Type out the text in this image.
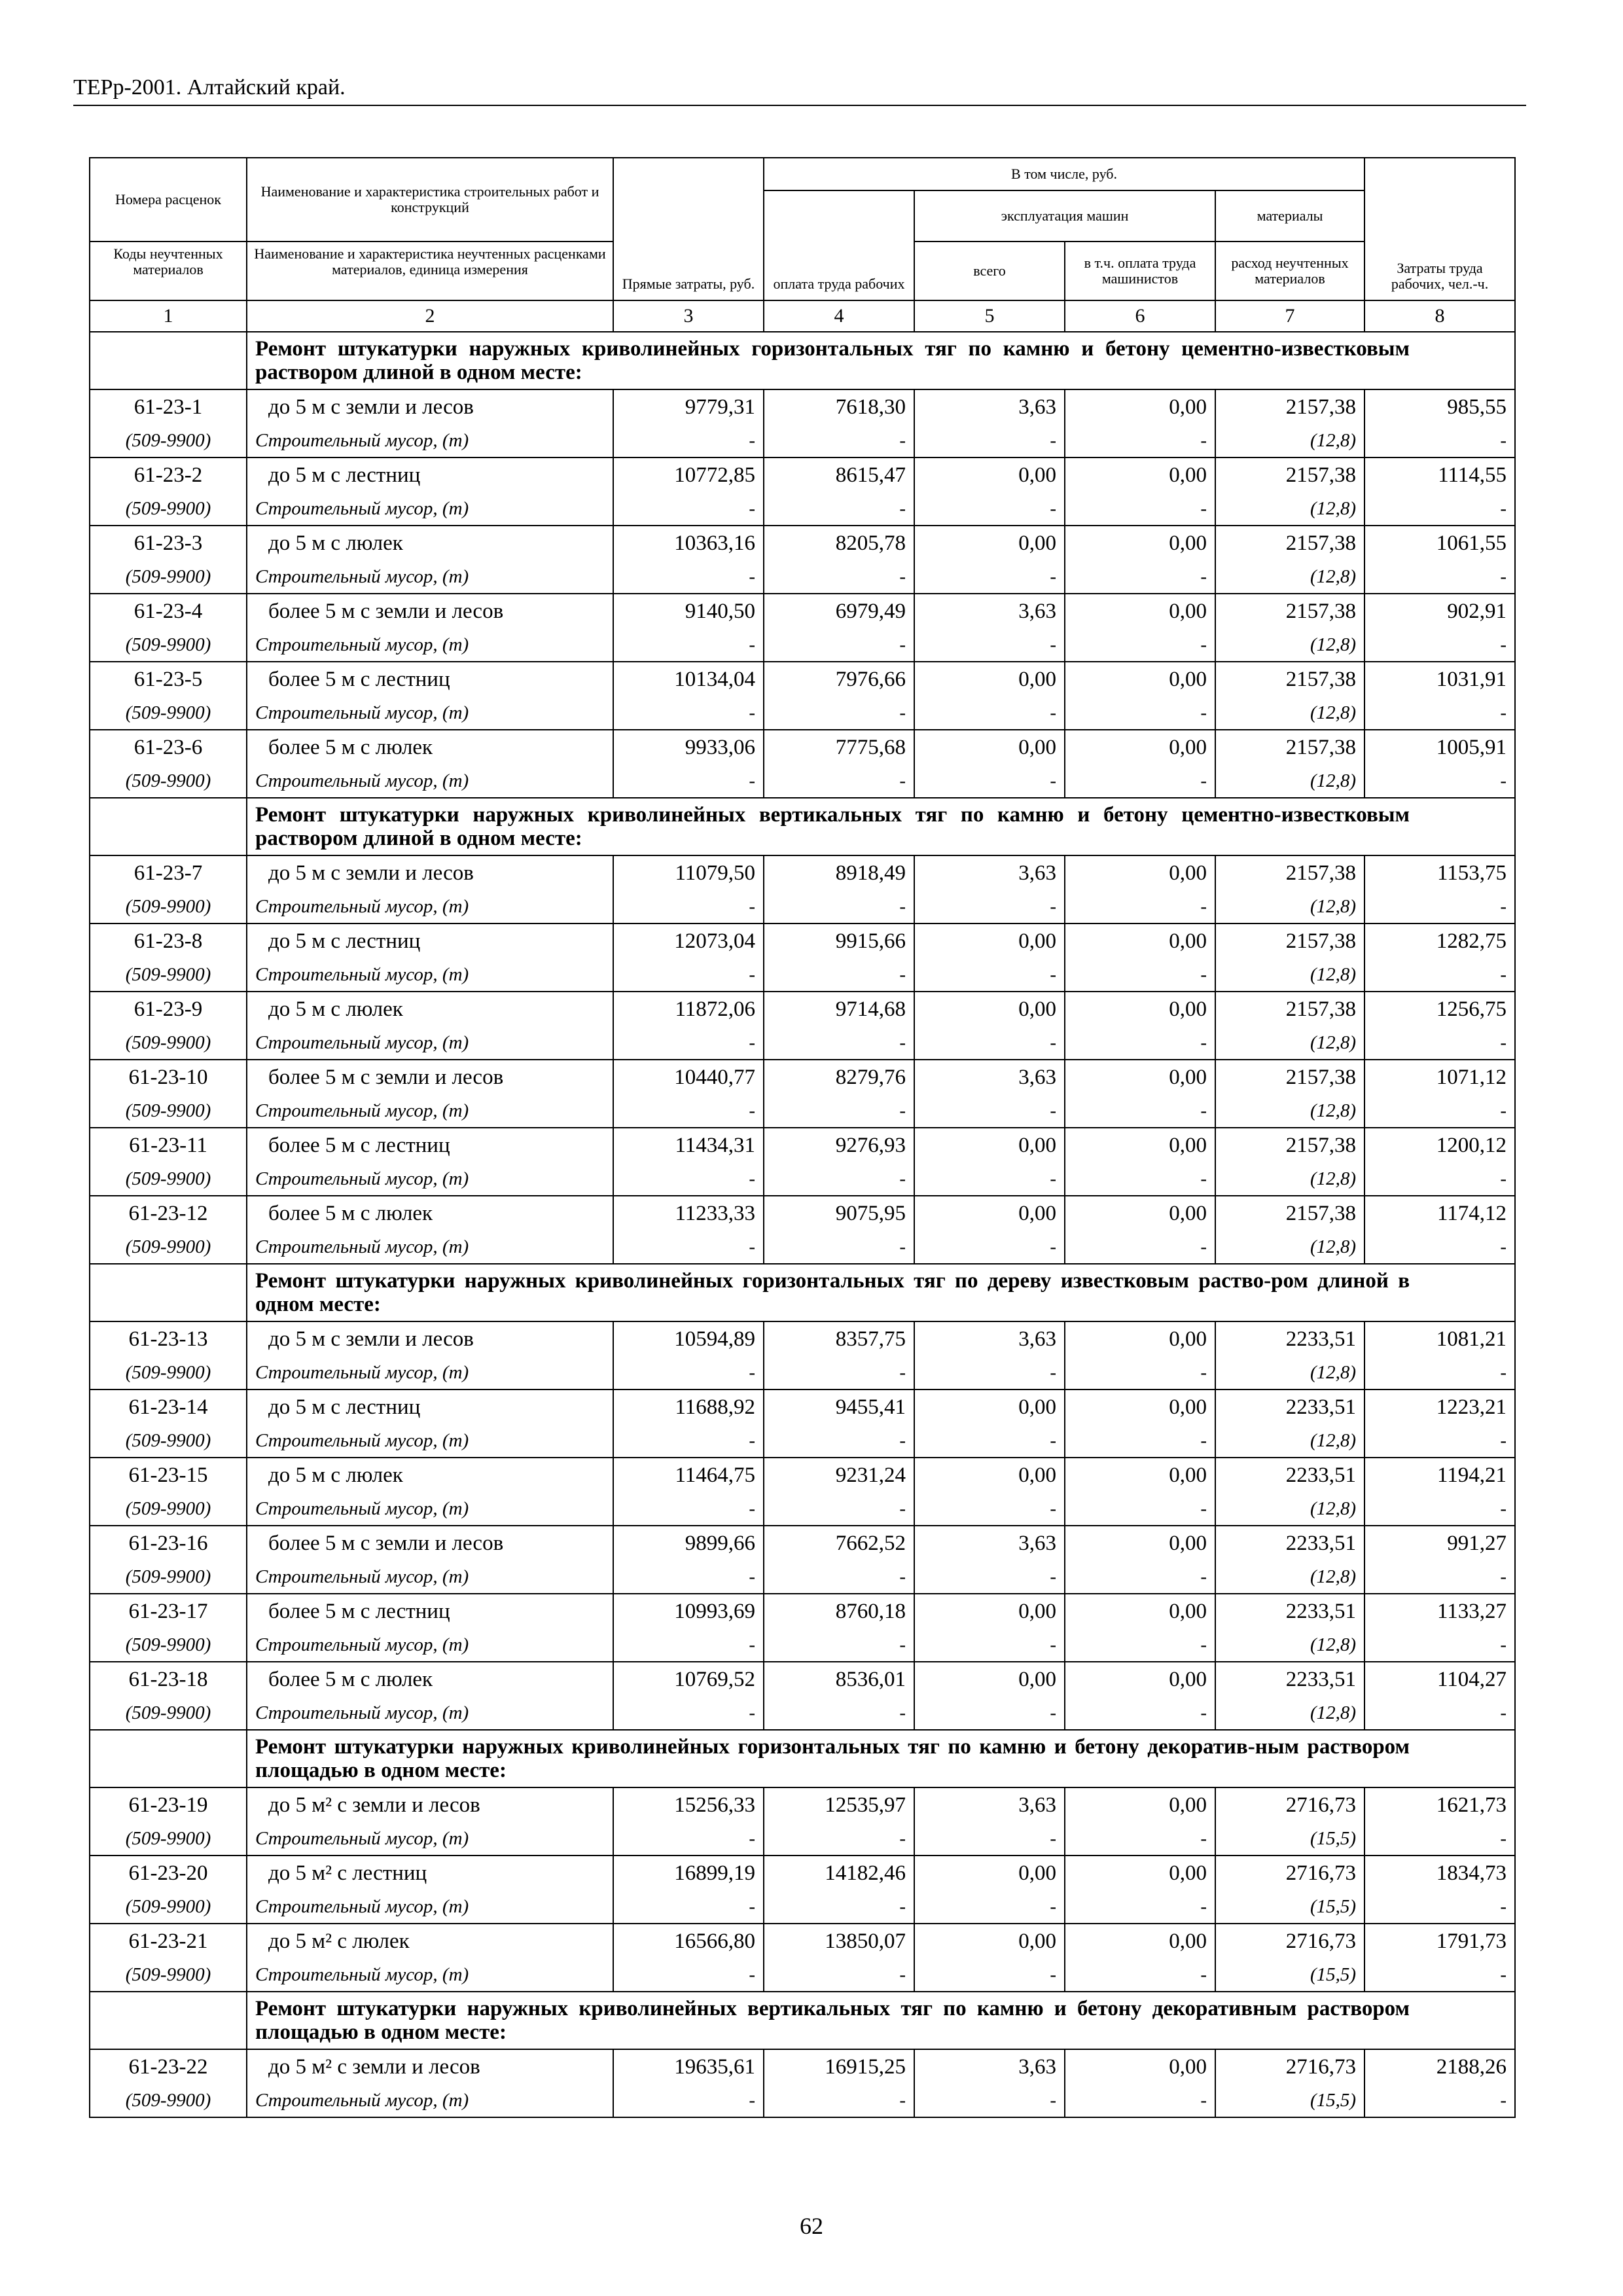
ТЕРр-2001. Алтайский край.
Номера расценок	Наименование и характеристика строительных работ и конструкций	Прямые затраты, руб.	В том числе, руб.				Затраты труда рабочих, чел.-ч.
			оплата труда рабочих	эксплуатация машин		материалы	
Коды неучтенных материалов	Наименование и характеристика неучтенных расценками материалов, единица измерения			всего	в т.ч. оплата труда машинистов	расход неучтенных материалов	

1	2	3	4	5	6	7	8
	Ремонт штукатурки наружных криволинейных горизонтальных тяг по камню и бетону цементно-известковым раствором длиной в одном месте:						
61-23-1	до 5 м с земли и лесов	9779,31	7618,30	3,63	0,00	2157,38	985,55
(509-9900)	Строительный мусор, (т)	-	-	-	-	(12,8)	-
61-23-2	до 5 м с лестниц	10772,85	8615,47	0,00	0,00	2157,38	1114,55
(509-9900)	Строительный мусор, (т)	-	-	-	-	(12,8)	-
61-23-3	до 5 м с люлек	10363,16	8205,78	0,00	0,00	2157,38	1061,55
(509-9900)	Строительный мусор, (т)	-	-	-	-	(12,8)	-
61-23-4	более 5 м с земли и лесов	9140,50	6979,49	3,63	0,00	2157,38	902,91
(509-9900)	Строительный мусор, (т)	-	-	-	-	(12,8)	-
61-23-5	более 5 м с лестниц	10134,04	7976,66	0,00	0,00	2157,38	1031,91
(509-9900)	Строительный мусор, (т)	-	-	-	-	(12,8)	-
61-23-6	более 5 м с люлек	9933,06	7775,68	0,00	0,00	2157,38	1005,91
(509-9900)	Строительный мусор, (т)	-	-	-	-	(12,8)	-
	Ремонт штукатурки наружных криволинейных вертикальных тяг по камню и бетону цементно-известковым раствором длиной в одном месте:						
61-23-7	до 5 м с земли и лесов	11079,50	8918,49	3,63	0,00	2157,38	1153,75
(509-9900)	Строительный мусор, (т)	-	-	-	-	(12,8)	-
61-23-8	до 5 м с лестниц	12073,04	9915,66	0,00	0,00	2157,38	1282,75
(509-9900)	Строительный мусор, (т)	-	-	-	-	(12,8)	-
61-23-9	до 5 м с люлек	11872,06	9714,68	0,00	0,00	2157,38	1256,75
(509-9900)	Строительный мусор, (т)	-	-	-	-	(12,8)	-
61-23-10	более 5 м с земли и лесов	10440,77	8279,76	3,63	0,00	2157,38	1071,12
(509-9900)	Строительный мусор, (т)	-	-	-	-	(12,8)	-
61-23-11	более 5 м с лестниц	11434,31	9276,93	0,00	0,00	2157,38	1200,12
(509-9900)	Строительный мусор, (т)	-	-	-	-	(12,8)	-
61-23-12	более 5 м с люлек	11233,33	9075,95	0,00	0,00	2157,38	1174,12
(509-9900)	Строительный мусор, (т)	-	-	-	-	(12,8)	-
	Ремонт штукатурки наружных криволинейных горизонтальных тяг по дереву известковым раство-ром длиной в одном месте:						
61-23-13	до 5 м с земли и лесов	10594,89	8357,75	3,63	0,00	2233,51	1081,21
(509-9900)	Строительный мусор, (т)	-	-	-	-	(12,8)	-
61-23-14	до 5 м с лестниц	11688,92	9455,41	0,00	0,00	2233,51	1223,21
(509-9900)	Строительный мусор, (т)	-	-	-	-	(12,8)	-
61-23-15	до 5 м с люлек	11464,75	9231,24	0,00	0,00	2233,51	1194,21
(509-9900)	Строительный мусор, (т)	-	-	-	-	(12,8)	-
61-23-16	более 5 м с земли и лесов	9899,66	7662,52	3,63	0,00	2233,51	991,27
(509-9900)	Строительный мусор, (т)	-	-	-	-	(12,8)	-
61-23-17	более 5 м с лестниц	10993,69	8760,18	0,00	0,00	2233,51	1133,27
(509-9900)	Строительный мусор, (т)	-	-	-	-	(12,8)	-
61-23-18	более 5 м с люлек	10769,52	8536,01	0,00	0,00	2233,51	1104,27
(509-9900)	Строительный мусор, (т)	-	-	-	-	(12,8)	-
	Ремонт штукатурки наружных криволинейных горизонтальных тяг по камню и бетону декоратив-ным раствором площадью в одном месте:						
61-23-19	до 5 м² с земли и лесов	15256,33	12535,97	3,63	0,00	2716,73	1621,73
(509-9900)	Строительный мусор, (т)	-	-	-	-	(15,5)	-
61-23-20	до 5 м² с лестниц	16899,19	14182,46	0,00	0,00	2716,73	1834,73
(509-9900)	Строительный мусор, (т)	-	-	-	-	(15,5)	-
61-23-21	до 5 м² с люлек	16566,80	13850,07	0,00	0,00	2716,73	1791,73
(509-9900)	Строительный мусор, (т)	-	-	-	-	(15,5)	-
	Ремонт штукатурки наружных криволинейных вертикальных тяг по камню и бетону декоративным раствором площадью в одном месте:						
61-23-22	до 5 м² с земли и лесов	19635,61	16915,25	3,63	0,00	2716,73	2188,26
(509-9900)	Строительный мусор, (т)	-	-	-	-	(15,5)	-
62
